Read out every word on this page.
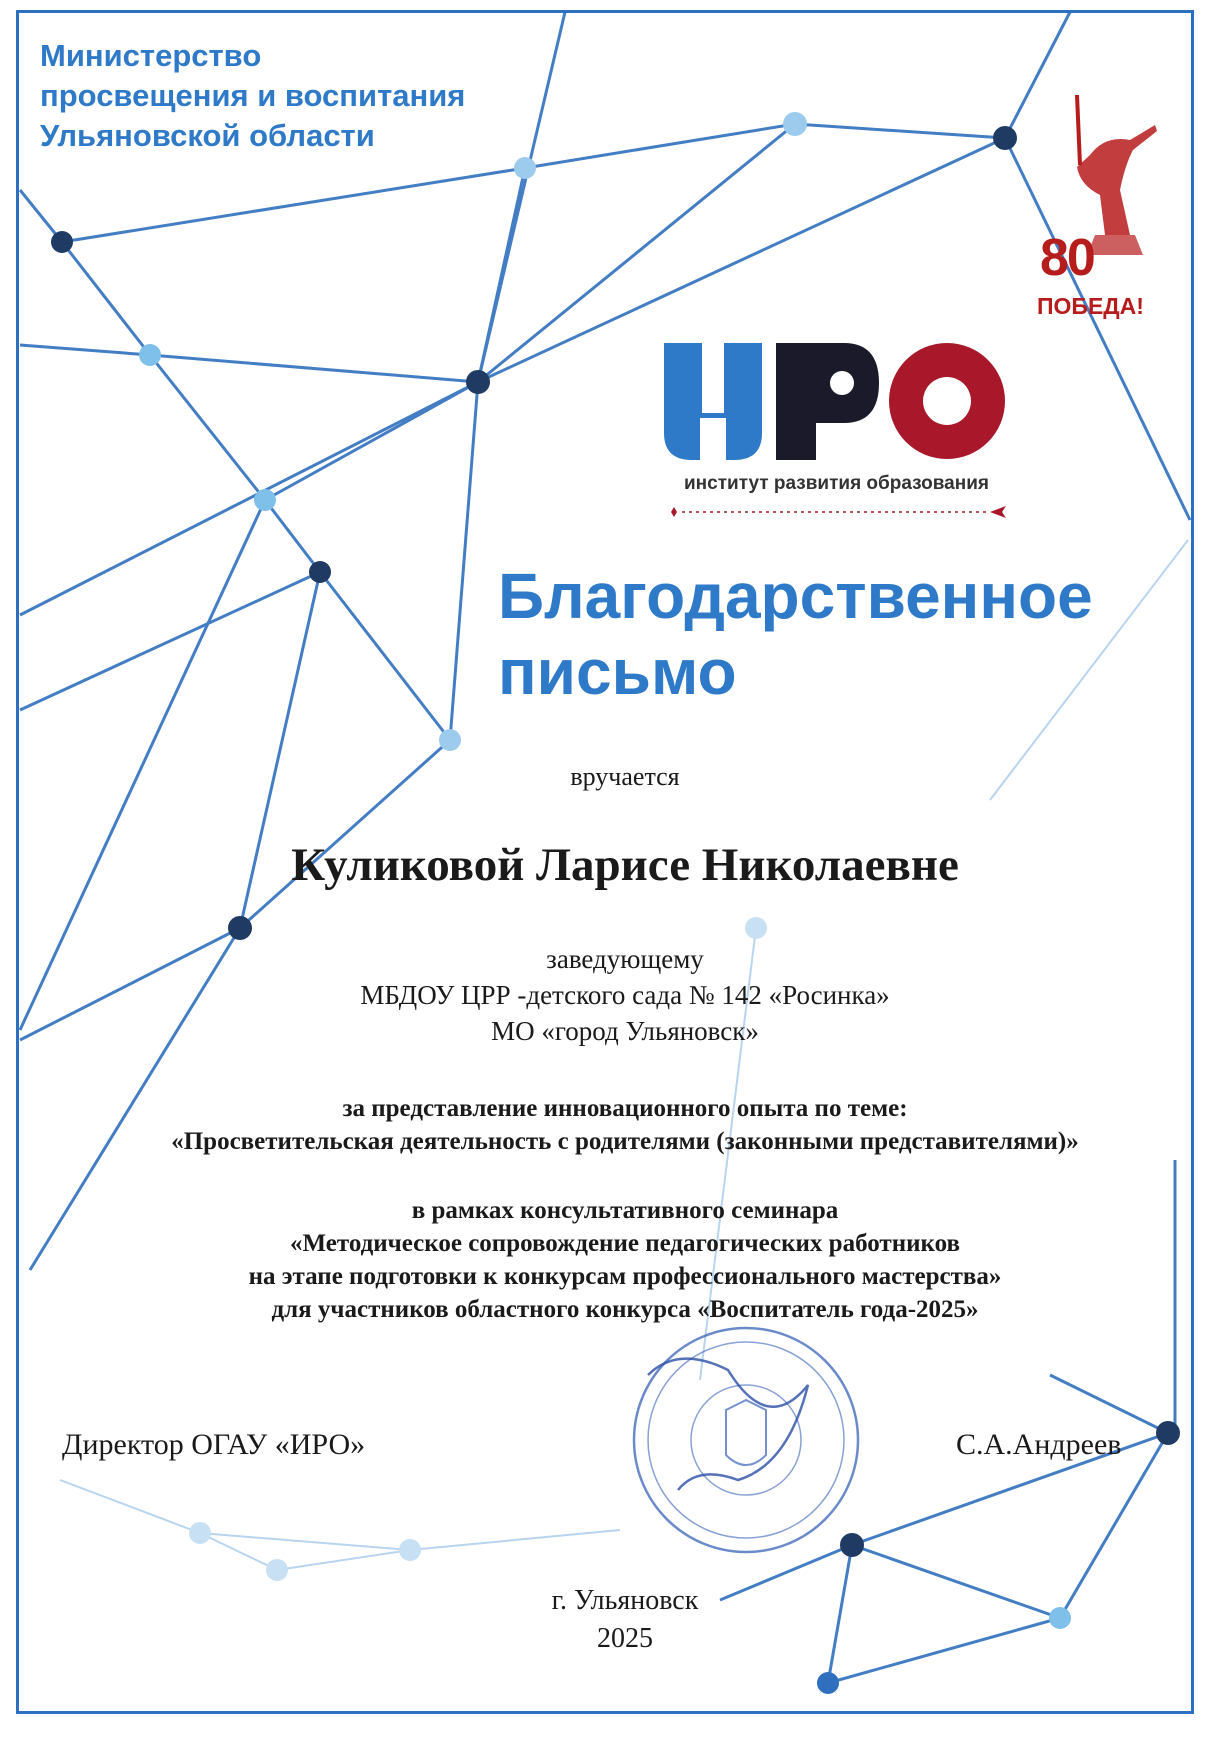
Министерство
просвещения и воспитания
Ульяновской области
80
ПОБЕДА!
институт развития образования
Благодарственное
письмо
вручается
Куликовой Ларисе Николаевне
заведующему
МБДОУ ЦРР -детского сада № 142 «Росинка»
МО «город Ульяновск»
за представление инновационного опыта по теме:
«Просветительская деятельность с родителями (законными представителями)»
в рамках консультативного семинара
«Методическое сопровождение педагогических работников
на этапе подготовки к конкурсам профессионального мастерства»
для участников областного конкурса «Воспитатель года-2025»
Директор ОГАУ «ИРО»	С.А.Андреев
г. Ульяновск
2025
